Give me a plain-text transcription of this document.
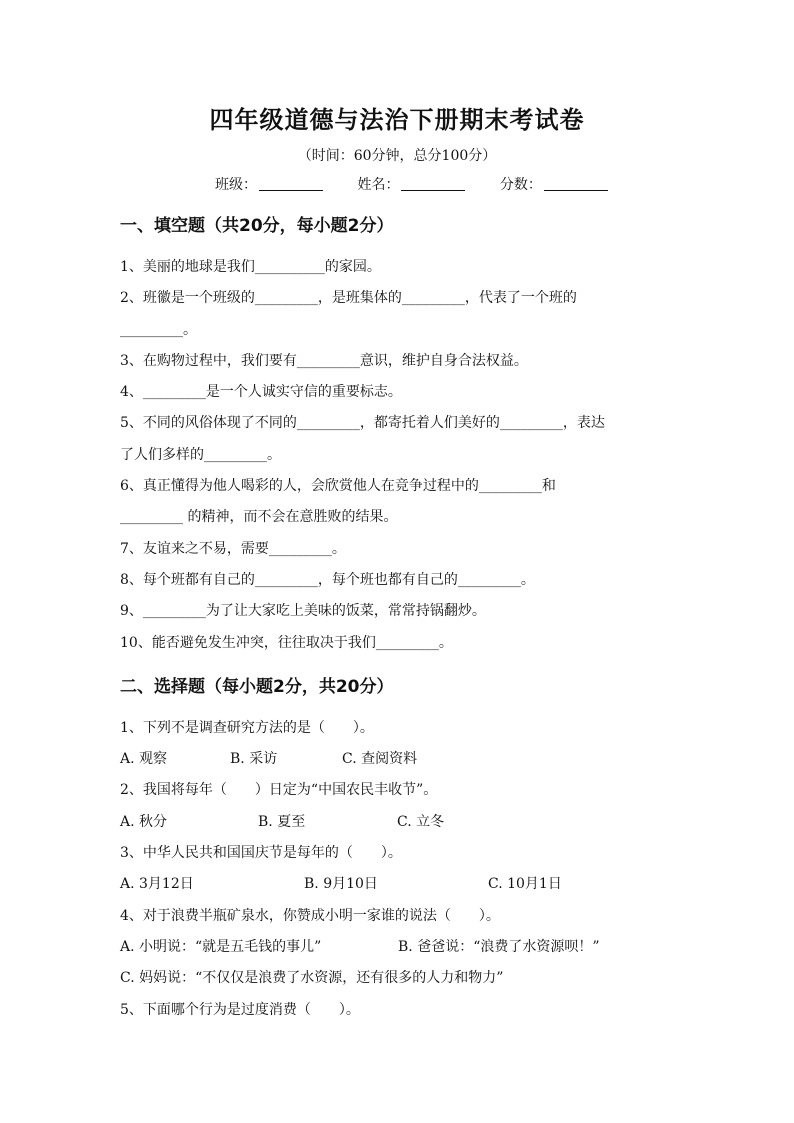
四年级道德与法治下册期末考试卷
（时间：60分钟，总分100分）
班级：	姓名：	分数：
一、填空题（共20分，每小题2分）
1、美丽的地球是我们__________的家园。
2、班徽是一个班级的_________，是班集体的_________，代表了一个班的
_________。
3、在购物过程中，我们要有_________意识，维护自身合法权益。
4、_________是一个人诚实守信的重要标志。
5、不同的风俗体现了不同的_________，都寄托着人们美好的_________，表达
了人们多样的_________。
6、真正懂得为他人喝彩的人，会欣赏他人在竞争过程中的_________和
_________ 的精神，而不会在意胜败的结果。
7、友谊来之不易，需要_________。
8、每个班都有自己的_________，每个班也都有自己的_________。
9、_________为了让大家吃上美味的饭菜，常常持锅翻炒。
10、能否避免发生冲突，往往取决于我们_________。
二、选择题（每小题2分，共20分）
1、下列不是调查研究方法的是（　　）。
A. 观察	B. 采访	C. 查阅资料
2、我国将每年（　　）日定为“中国农民丰收节”。
A. 秋分	B. 夏至	C. 立冬
3、中华人民共和国国庆节是每年的（　　）。
A. 3月12日	B. 9月10日	C. 10月1日
4、对于浪费半瓶矿泉水，你赞成小明一家谁的说法（　　）。
A. 小明说：“就是五毛钱的事儿”	B. 爸爸说：“浪费了水资源呗！”
C. 妈妈说：“不仅仅是浪费了水资源，还有很多的人力和物力”
5、下面哪个行为是过度消费（　　）。
